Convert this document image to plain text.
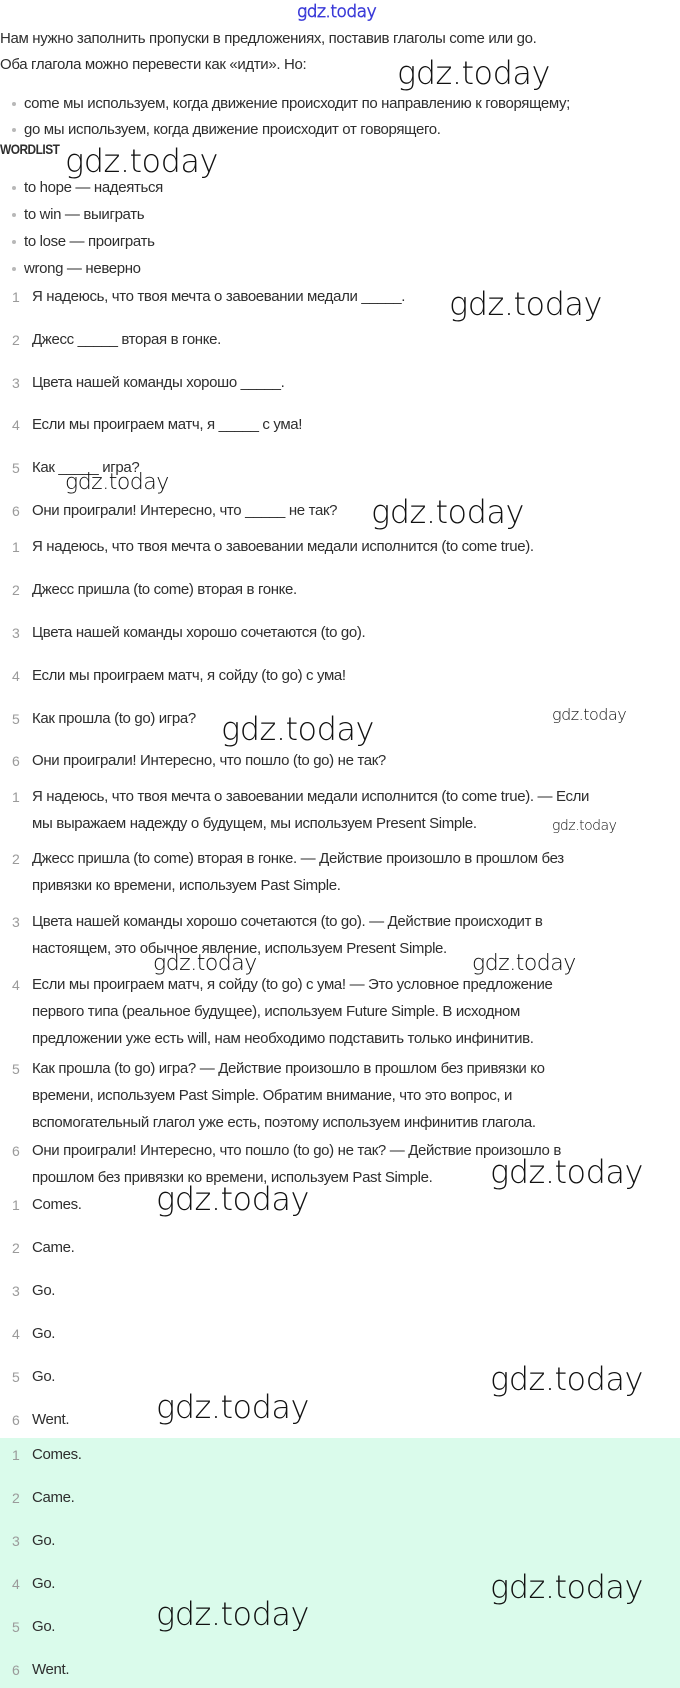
gdz.today
Нам нужно заполнить пропуски в предложениях, поставив глаголы come или go.
Оба глагола можно перевести как «идти». Но:
come мы используем, когда движение происходит по направлению к говорящему;
go мы используем, когда движение происходит от говорящего.
WORDLIST
to hope — надеяться
to win — выиграть
to lose — проиграть
wrong — неверно
1 Я надеюсь, что твоя мечта о завоевании медали _____.
2 Джесс _____ вторая в гонке.
3 Цвета нашей команды хорошо _____.
4 Если мы проиграем матч, я _____ с ума!
5 Как _____ игра?
6 Они проиграли! Интересно, что _____ не так?
1 Я надеюсь, что твоя мечта о завоевании медали исполнится (to come true).
2 Джесс пришла (to come) вторая в гонке.
3 Цвета нашей команды хорошо сочетаются (to go).
4 Если мы проиграем матч, я сойду (to go) с ума!
5 Как прошла (to go) игра?
6 Они проиграли! Интересно, что пошло (to go) не так?
1 Я надеюсь, что твоя мечта о завоевании медали исполнится (to come true). — Если
мы выражаем надежду о будущем, мы используем Present Simple.
2 Джесс пришла (to come) вторая в гонке. — Действие произошло в прошлом без
привязки ко времени, используем Past Simple.
3 Цвета нашей команды хорошо сочетаются (to go). — Действие происходит в
настоящем, это обычное явление, используем Present Simple.
4 Если мы проиграем матч, я сойду (to go) с ума! — Это условное предложение
первого типа (реальное будущее), используем Future Simple. В исходном
предложении уже есть will, нам необходимо подставить только инфинитив.
5 Как прошла (to go) игра? — Действие произошло в прошлом без привязки ко
времени, используем Past Simple. Обратим внимание, что это вопрос, и
вспомогательный глагол уже есть, поэтому используем инфинитив глагола.
6 Они проиграли! Интересно, что пошло (to go) не так? — Действие произошло в
прошлом без привязки ко времени, используем Past Simple.
1 Comes.
2 Came.
3 Go.
4 Go.
5 Go.
6 Went.
1 Comes.
2 Came.
3 Go.
4 Go.
5 Go.
6 Went.
gdz.today
gdz.today
gdz.today
gdz.today
gdz.today
gdz.today
gdz.today
gdz.today
gdz.today	gdz.today
gdz.today
gdz.today
gdz.today
gdz.today
gdz.today
gdz.today
